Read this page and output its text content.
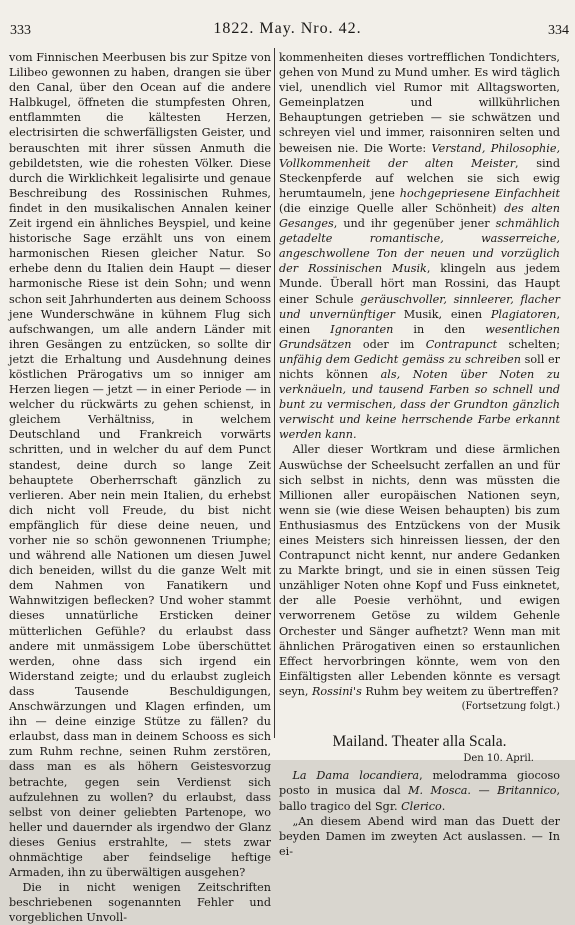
333	1822. May. Nro. 42.	334

vom Finnischen Meerbusen bis zur Spitze von Lilibeo gewonnen zu haben, drangen sie über den Canal, über den Ocean auf die andere Halbkugel, öffneten die stumpfesten Ohren, entflammten die kältesten Herzen, electrisirten die schwerfälligsten Geister, und berauschten mit ihrer süssen Anmuth die gebildetsten, wie die rohesten Völker. Diese durch die Wirklichkeit legalisirte und genaue Beschreibung des Rossinischen Ruhmes, findet in den musikalischen Annalen keiner Zeit irgend ein ähnliches Beyspiel, und keine historische Sage erzählt uns von einem harmonischen Riesen gleicher Natur. So erhebe denn du Italien dein Haupt — dieser harmonische Riese ist dein Sohn; und wenn schon seit Jahrhunderten aus deinem Schooss jene Wunderschwäne in kühnem Flug sich aufschwangen, um alle andern Länder mit ihren Gesängen zu entzücken, so sollte dir jetzt die Erhaltung und Ausdehnung deines köstlichen Prärogativs um so inniger am Herzen liegen — jetzt — in einer Periode — in welcher du rückwärts zu gehen schienst, in gleichem Verhältniss, in welchem Deutschland und Frankreich vorwärts schritten, und in welcher du auf dem Punct standest, deine durch so lange Zeit behauptete Oberherrschaft gänzlich zu verlieren. Aber nein mein Italien, du erhebst dich nicht voll Freude, du bist nicht empfänglich für diese deine neuen, und vorher nie so schön gewonnenen Triumphe; und während alle Nationen um diesen Juwel dich beneiden, willst du die ganze Welt mit dem Nahmen von Fanatikern und Wahnwitzigen beflecken? Und woher stammt dieses unnatürliche Ersticken deiner mütterlichen Gefühle? du erlaubst dass andere mit unmässigem Lobe überschüttet werden, ohne dass sich irgend ein Widerstand zeigte; und du erlaubst zugleich dass Tausende Beschuldigungen, Anschwärzungen und Klagen erfinden, um ihn — deine einzige Stütze zu fällen? du erlaubst, dass man in deinem Schooss es sich zum Ruhm rechne, seinen Ruhm zerstören, dass man es als höhern Geistesvorzug betrachte, gegen sein Verdienst sich aufzulehnen zu wollen? du erlaubst, dass selbst von deiner geliebten Partenope, wo heller und dauernder als irgendwo der Glanz dieses Genius erstrahlte, — stets zwar ohnmächtige aber feindselige heftige Armaden, ihn zu überwältigen ausgehen?

Die in nicht wenigen Zeitschriften beschriebenen sogenannten Fehler und vorgeblichen Unvoll-

kommenheiten dieses vortrefflichen Tondichters, gehen von Mund zu Mund umher. Es wird täglich viel, unendlich viel Rumor mit Alltagsworten, Gemeinplatzen und willkührlichen Behauptungen getrieben — sie schwätzen und schreyen viel und immer, raisonniren selten und beweisen nie. Die Worte: Verstand, Philosophie, Vollkommenheit der alten Meister, sind Steckenpferde auf welchen sie sich ewig herumtaumeln, jene hochgepriesene Einfachheit (die einzige Quelle aller Schönheit) des alten Gesanges, und ihr gegenüber jener schmählich getadelte romantische, wasserreiche, angeschwollene Ton der neuen und vorzüglich der Rossinischen Musik, klingeln aus jedem Munde. Überall hört man Rossini, das Haupt einer Schule geräuschvoller, sinnleerer, flacher und unvernünftiger Musik, einen Plagiatoren, einen Ignoranten in den wesentlichen Grundsätzen oder im Contrapunct schelten; unfähig dem Gedicht gemäss zu schreiben soll er nichts können als, Noten über Noten zu verknäueln, und tausend Farben so schnell und bunt zu vermischen, dass der Grundton gänzlich verwischt und keine herrschende Farbe erkannt werden kann.

Aller dieser Wortkram und diese ärmlichen Auswüchse der Scheelsucht zerfallen an und für sich selbst in nichts, denn was müssten die Millionen aller europäischen Nationen seyn, wenn sie (wie diese Weisen behaupten) bis zum Enthusiasmus des Entzückens von der Musik eines Meisters sich hinreissen liessen, der den Contrapunct nicht kennt, nur andere Gedanken zu Markte bringt, und sie in einen süssen Teig unzähliger Noten ohne Kopf und Fuss einknetet, der alle Poesie verhöhnt, und ewigen verworrenem Getöse zu wildem Gehenle Orchester und Sänger aufhetzt? Wenn man mit ähnlichen Prärogativen einen so erstaunlichen Effect hervorbringen könnte, wem von den Einfältigsten aller Lebenden könnte es versagt seyn, Rossini's Ruhm bey weitem zu übertreffen?

(Fortsetzung folgt.)

Mailand. Theater alla Scala.
Den 10. April.

La Dama locandiera, melodramma giocoso posto in musica dal M. Mosca. — Britannico, ballo tragico del Sgr. Clerico.

„An diesem Abend wird man das Duett der beyden Damen im zweyten Act auslassen. — In ei-
